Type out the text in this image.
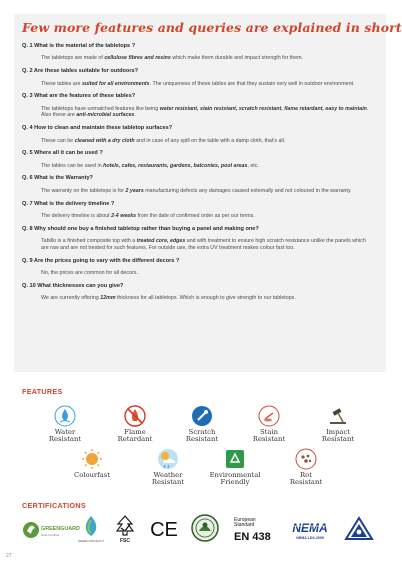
Few more features and queries are explained in short
Q. 1 What is the material of the tabletops ?
The tabletops are made of cellulose fibres and resins which make them durable and impact strength for them.
Q. 2 Are these tables suitable for outdoors?
These tables are suited for all environments. The uniqueness of these tables are that they sustain very well in outdoor environment.
Q. 3 What are the features of these tables?
The tabletops have unmatched features like being water resistant, stain resistant, scratch resistant, flame retardant, easy to maintain. Also these are anti-microbial surfaces.
Q. 4 How to clean and maintain these tabletop surfaces?
These can be cleaned with a dry cloth and in case of any spill on the table with a damp cloth, that's all.
Q. 5 Where all it can be used ?
The tables can be used in hotels, cafes, restaurants, gardens, balconies, pool areas, etc.
Q. 6 What is the Warranty?
The warranty on the tabletops is for 2 years manufacturing defects any damages caused externally and not coloured in the warranty.
Q. 7 What is the delivery timeline ?
The delivery timeline is about 2-4 weeks from the date of confirmed order as per our terms.
Q. 8 Why should one buy a finished tabletop rather than buying a panel and making one?
Tabillo is a finished composite top with a treated core, edges and with treatment to ensure high scratch resistance unlike the panels which are raw and are not treated for such features. For outside use, the extra UV treatment makes colour fast too.
Q. 9 Are the prices going to vary with the different decors ?
No, the prices are common for all decors.
Q. 10 What thicknesses can you give?
We are currently offering 12mm thickness for all tabletops. Which is enough to give strength to our tabletops.
FEATURES
Water
Resistant
Flame
Retardant
Scratch
Resistant
Stain
Resistant
Impact
Resistant
Colourfast	Weather
Resistant
Environmental
Friendly
Rot
Resistant
CERTIFICATIONS
GREENGUARD
Gold Certified
GREEN PRODUCT	FSC CE	European
Standard
EN 438
NEMA
NEMA LD3-2005
27
